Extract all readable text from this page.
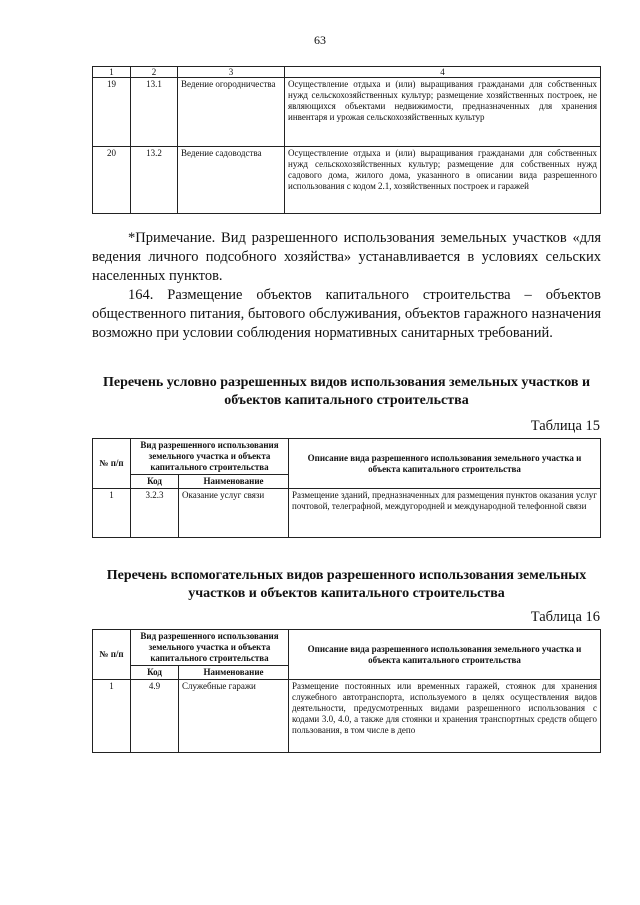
63
1	2	3	4
19	13.1	Ведение огородничества	Осуществление отдыха и (или) выращивания гражданами для собственных нужд сельскохозяйственных культур; размещение хозяйственных построек, не являющихся объектами недвижимости, предназначенных для хранения инвентаря и урожая сельскохозяйственных культур
20	13.2	Ведение садоводства	Осуществление отдыха и (или) выращивания гражданами для собственных нужд сельскохозяйственных культур; размещение для собственных нужд садового дома, жилого дома, указанного в описании вида разрешенного использования с кодом 2.1, хозяйственных построек и гаражей
*Примечание. Вид разрешенного использования земельных участков «для ведения личного подсобного хозяйства» устанавливается в условиях сельских населенных пунктов.
164. Размещение объектов капитального строительства – объектов общественного питания, бытового обслуживания, объектов гаражного назначения возможно при условии соблюдения нормативных санитарных требований.
Перечень условно разрешенных видов использования земельных участков и объектов капитального строительства
Таблица 15
№ п/п	Вид разрешенного использования земельного участка и объекта капитального строительства		Описание вида разрешенного использования земельного участка и объекта капитального строительства
	Код	Наименование	
1	3.2.3	Оказание услуг связи	Размещение зданий, предназначенных для размещения пунктов оказания услуг почтовой, телеграфной, междугородней и международной телефонной связи
Перечень вспомогательных видов разрешенного использования земельных участков и объектов капитального строительства
Таблица 16
№ п/п	Вид разрешенного использования земельного участка и объекта капитального строительства		Описание вида разрешенного использования земельного участка и объекта капитального строительства
	Код	Наименование	
1	4.9	Служебные гаражи	Размещение постоянных или временных гаражей, стоянок для хранения служебного автотранспорта, используемого в целях осуществления видов деятельности, предусмотренных видами разрешенного использования с кодами 3.0, 4.0, а также для стоянки и хранения транспортных средств общего пользования, в том числе в депо
